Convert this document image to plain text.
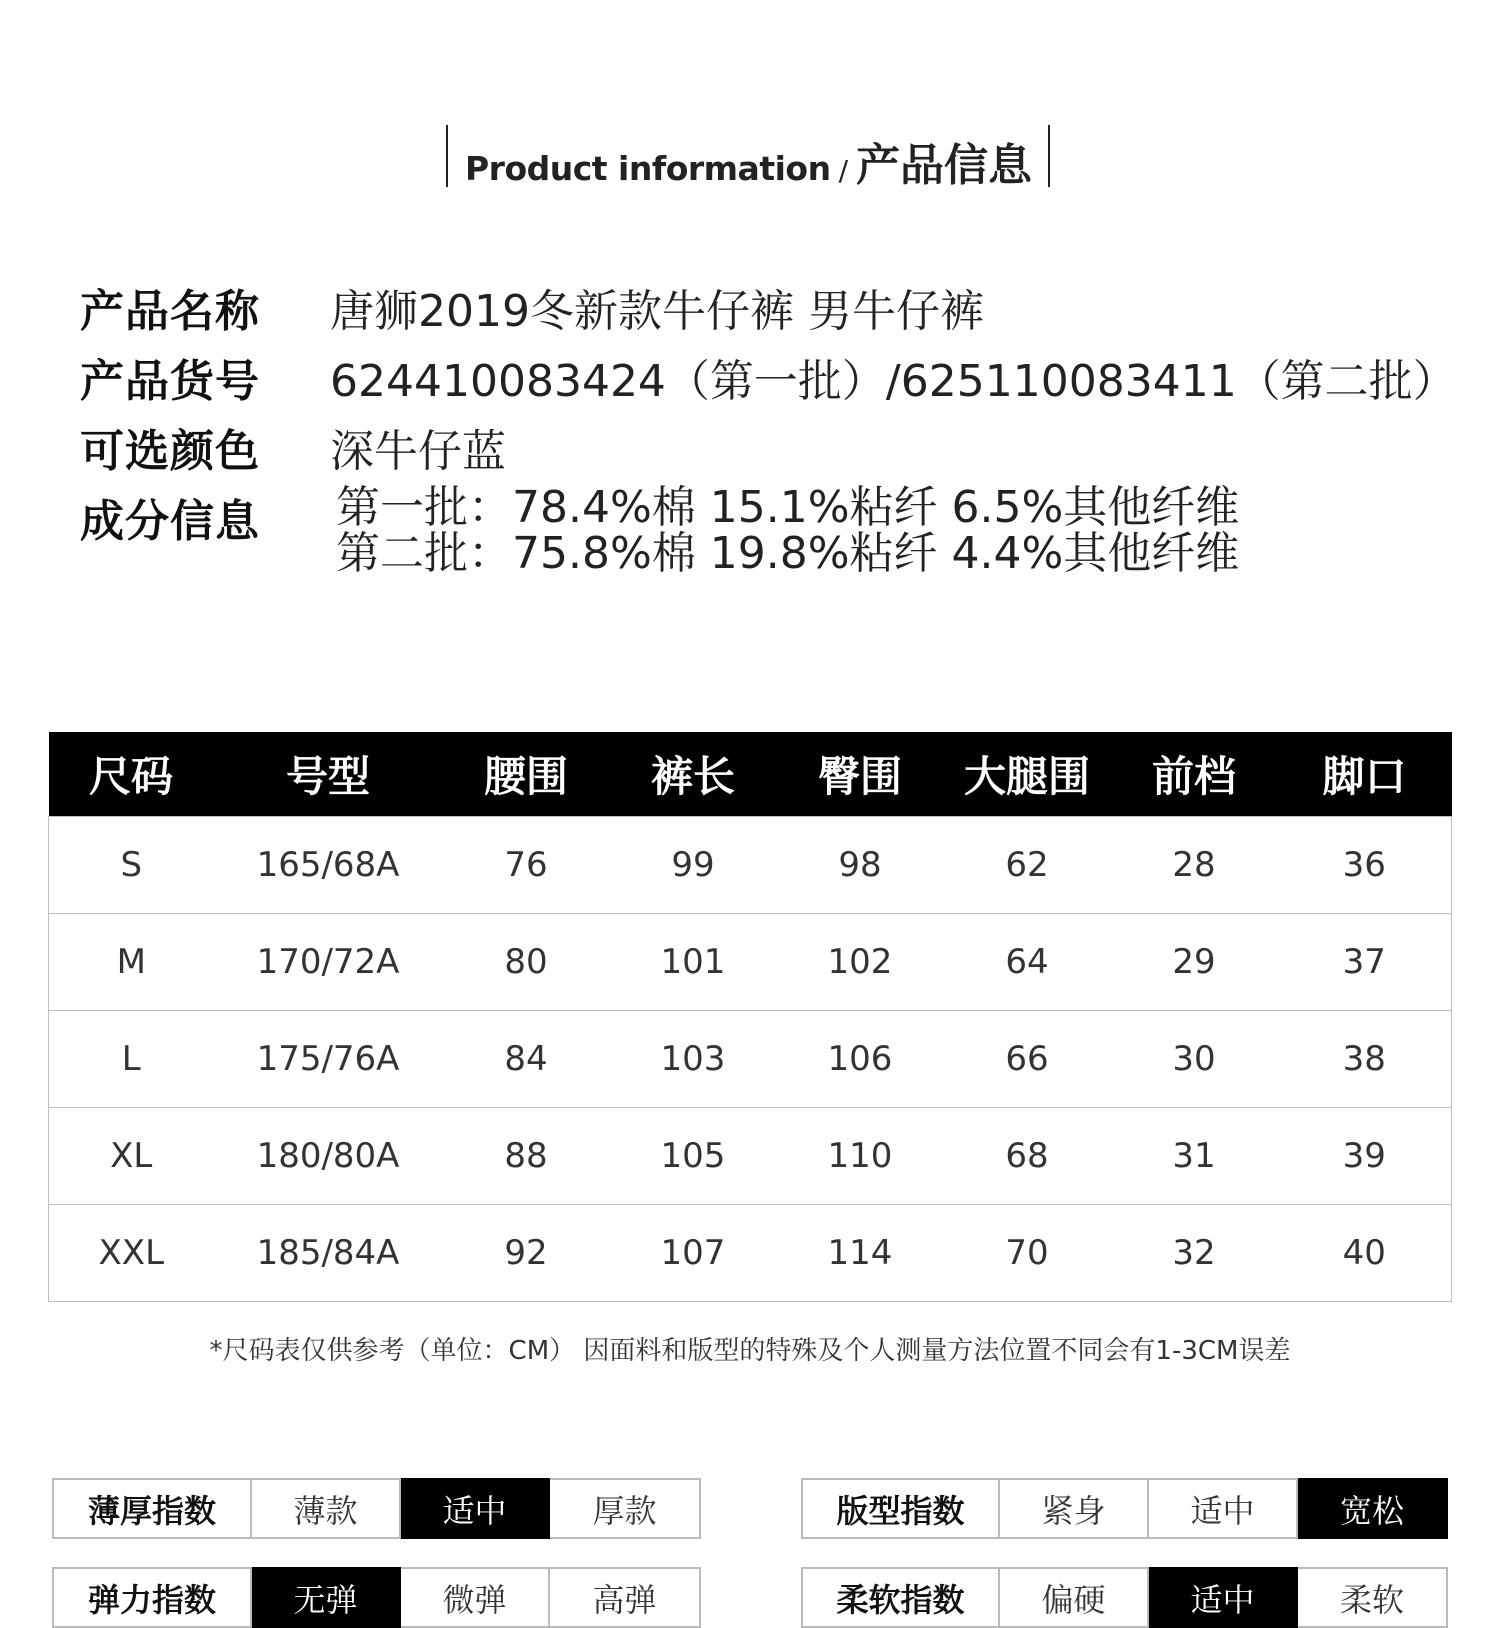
Product information / 产品信息
产品名称 唐狮2019冬新款牛仔裤 男牛仔裤
产品货号 624410083424（第一批）/625110083411（第二批）
可选颜色 深牛仔蓝
成分信息 第一批：78.4%棉 15.1%粘纤 6.5%其他纤维
第二批：75.8%棉 19.8%粘纤 4.4%其他纤维
尺码	号型	腰围	裤长	臀围	大腿围	前档	脚口
S	165/68A	76	99	98	62	28	36
M	170/72A	80	101	102	64	29	37
L	175/76A	84	103	106	66	30	38
XL	180/80A	88	105	110	68	31	39
XXL	185/84A	92	107	114	70	32	40
*尺码表仅供参考（单位：CM） 因面料和版型的特殊及个人测量方法位置不同会有1-3CM误差
薄厚指数	薄款	适中	厚款	版型指数	紧身	适中	宽松
弹力指数	无弹	微弹	高弹	柔软指数	偏硬	适中	柔软
